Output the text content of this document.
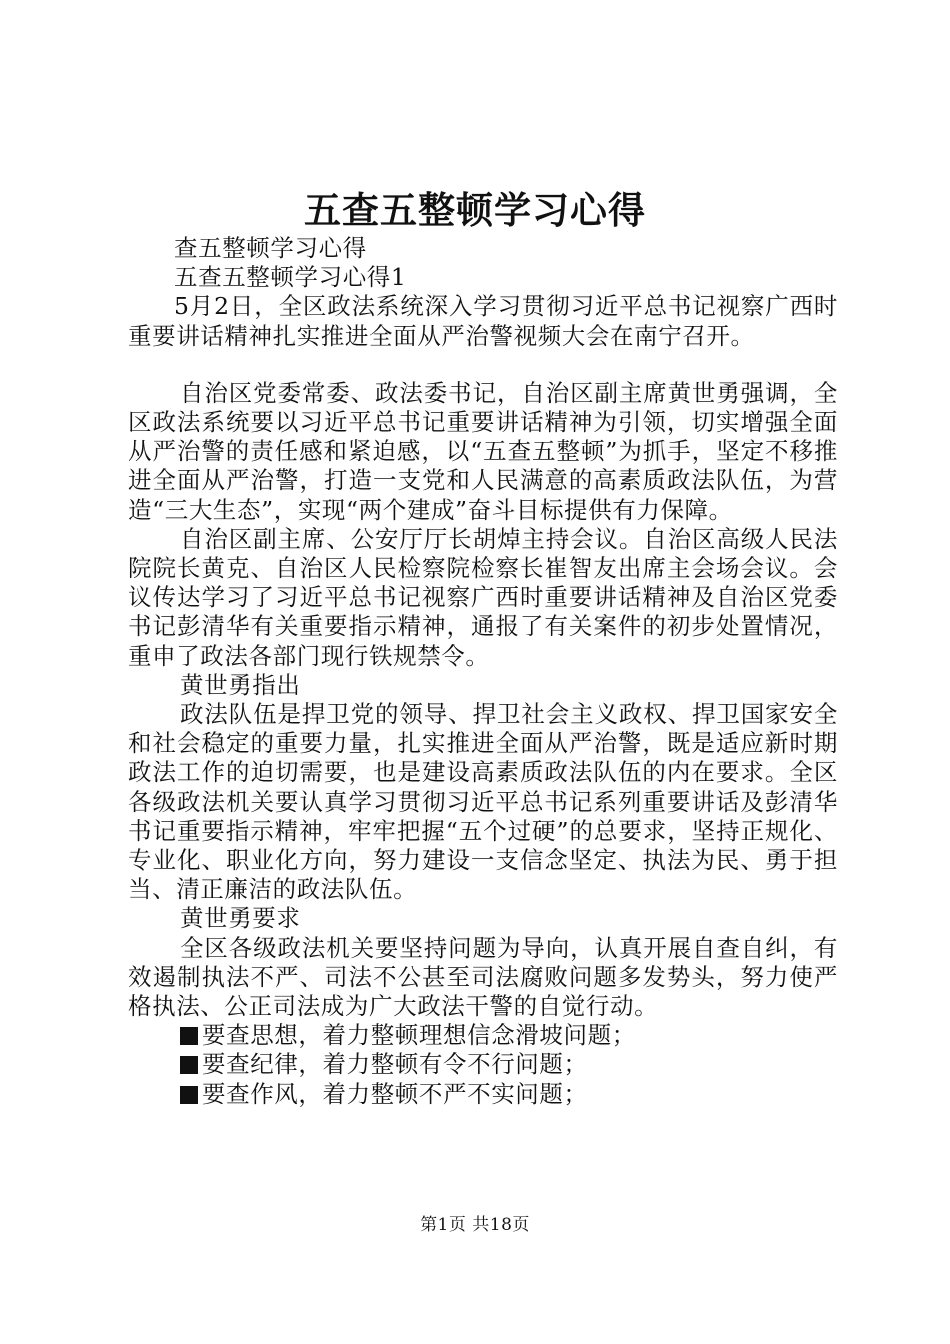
五查五整顿学习心得

查五整顿学习心得

五查五整顿学习心得1

5月2日，全区政法系统深入学习贯彻习近平总书记视察广西时重要讲话精神扎实推进全面从严治警视频大会在南宁召开。

自治区党委常委、政法委书记，自治区副主席黄世勇强调，全区政法系统要以习近平总书记重要讲话精神为引领，切实增强全面从严治警的责任感和紧迫感，以“五查五整顿”为抓手，坚定不移推进全面从严治警，打造一支党和人民满意的高素质政法队伍，为营造“三大生态”，实现“两个建成”奋斗目标提供有力保障。

自治区副主席、公安厅厅长胡焯主持会议。自治区高级人民法院院长黄克、自治区人民检察院检察长崔智友出席主会场会议。会议传达学习了习近平总书记视察广西时重要讲话精神及自治区党委书记彭清华有关重要指示精神，通报了有关案件的初步处置情况，重申了政法各部门现行铁规禁令。

黄世勇指出

政法队伍是捍卫党的领导、捍卫社会主义政权、捍卫国家安全和社会稳定的重要力量，扎实推进全面从严治警，既是适应新时期政法工作的迫切需要，也是建设高素质政法队伍的内在要求。全区各级政法机关要认真学习贯彻习近平总书记系列重要讲话及彭清华书记重要指示精神，牢牢把握“五个过硬”的总要求，坚持正规化、专业化、职业化方向，努力建设一支信念坚定、执法为民、勇于担当、清正廉洁的政法队伍。

黄世勇要求

全区各级政法机关要坚持问题为导向，认真开展自查自纠，有效遏制执法不严、司法不公甚至司法腐败问题多发势头，努力使严格执法、公正司法成为广大政法干警的自觉行动。

要查思想，着力整顿理想信念滑坡问题；

要查纪律，着力整顿有令不行问题；

要查作风，着力整顿不严不实问题；

第1页 共18页
